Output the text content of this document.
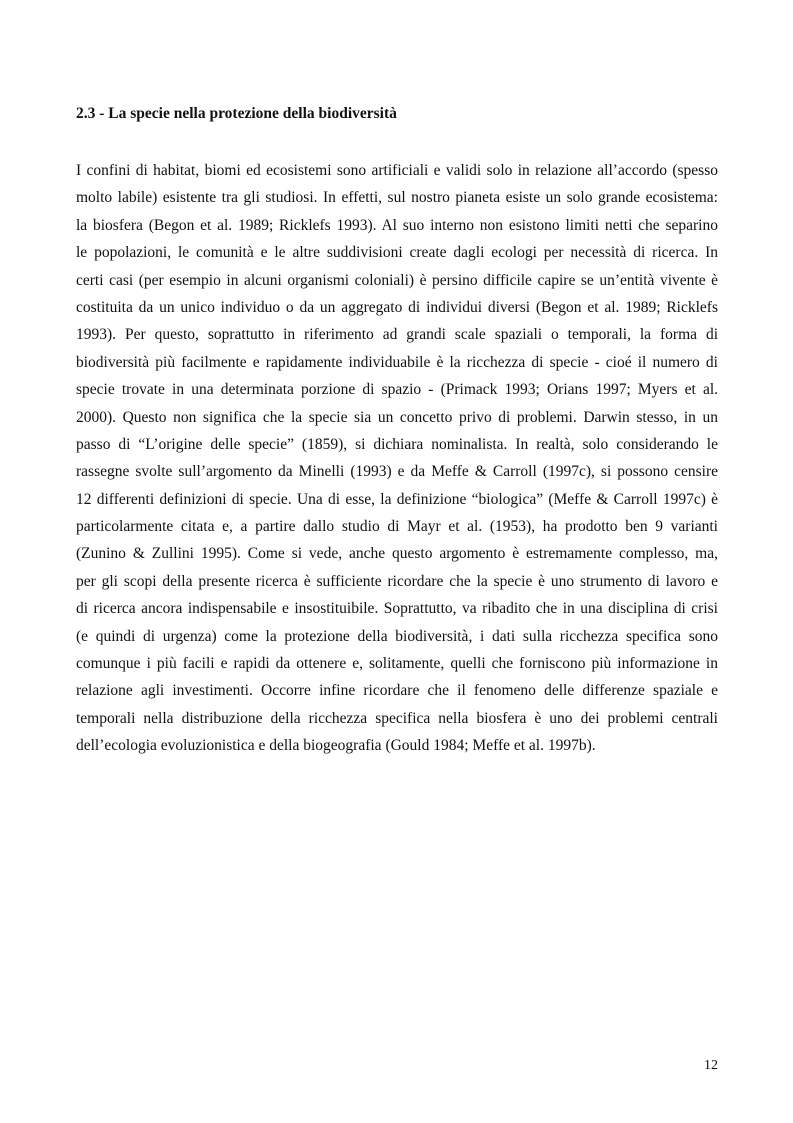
2.3 - La specie nella protezione della biodiversità

I confini di habitat, biomi ed ecosistemi sono artificiali e validi solo in relazione all’accordo (spesso
molto labile) esistente tra gli studiosi. In effetti, sul nostro pianeta esiste un solo grande ecosistema:
la biosfera (Begon et al. 1989; Ricklefs 1993). Al suo interno non esistono limiti netti che separino
le popolazioni, le comunità e le altre suddivisioni create dagli ecologi per necessità di ricerca. In
certi casi (per esempio in alcuni organismi coloniali) è persino difficile capire se un’entità vivente è
costituita da un unico individuo o da un aggregato di individui diversi (Begon et al. 1989; Ricklefs
1993). Per questo, soprattutto in riferimento ad grandi scale spaziali o temporali, la forma di
biodiversità più facilmente e rapidamente individuabile è la ricchezza di specie - cioé il numero di
specie trovate in una determinata porzione di spazio - (Primack 1993; Orians 1997; Myers et al.
2000). Questo non significa che la specie sia un concetto privo di problemi. Darwin stesso, in un
passo di “L’origine delle specie” (1859), si dichiara nominalista. In realtà, solo considerando le
rassegne svolte sull’argomento da Minelli (1993) e da Meffe & Carroll (1997c), si possono censire
12 differenti definizioni di specie. Una di esse, la definizione “biologica” (Meffe & Carroll 1997c) è
particolarmente citata e, a partire dallo studio di Mayr et al. (1953), ha prodotto ben 9 varianti
(Zunino & Zullini 1995). Come si vede, anche questo argomento è estremamente complesso, ma,
per gli scopi della presente ricerca è sufficiente ricordare che la specie è uno strumento di lavoro e
di ricerca ancora indispensabile e insostituibile. Soprattutto, va ribadito che in una disciplina di crisi
(e quindi di urgenza) come la protezione della biodiversità, i dati sulla ricchezza specifica sono
comunque i più facili e rapidi da ottenere e, solitamente, quelli che forniscono più informazione in
relazione agli investimenti. Occorre infine ricordare che il fenomeno delle differenze spaziale e
temporali nella distribuzione della ricchezza specifica nella biosfera è uno dei problemi centrali
dell’ecologia evoluzionistica e della biogeografia (Gould 1984; Meffe et al. 1997b).

12
